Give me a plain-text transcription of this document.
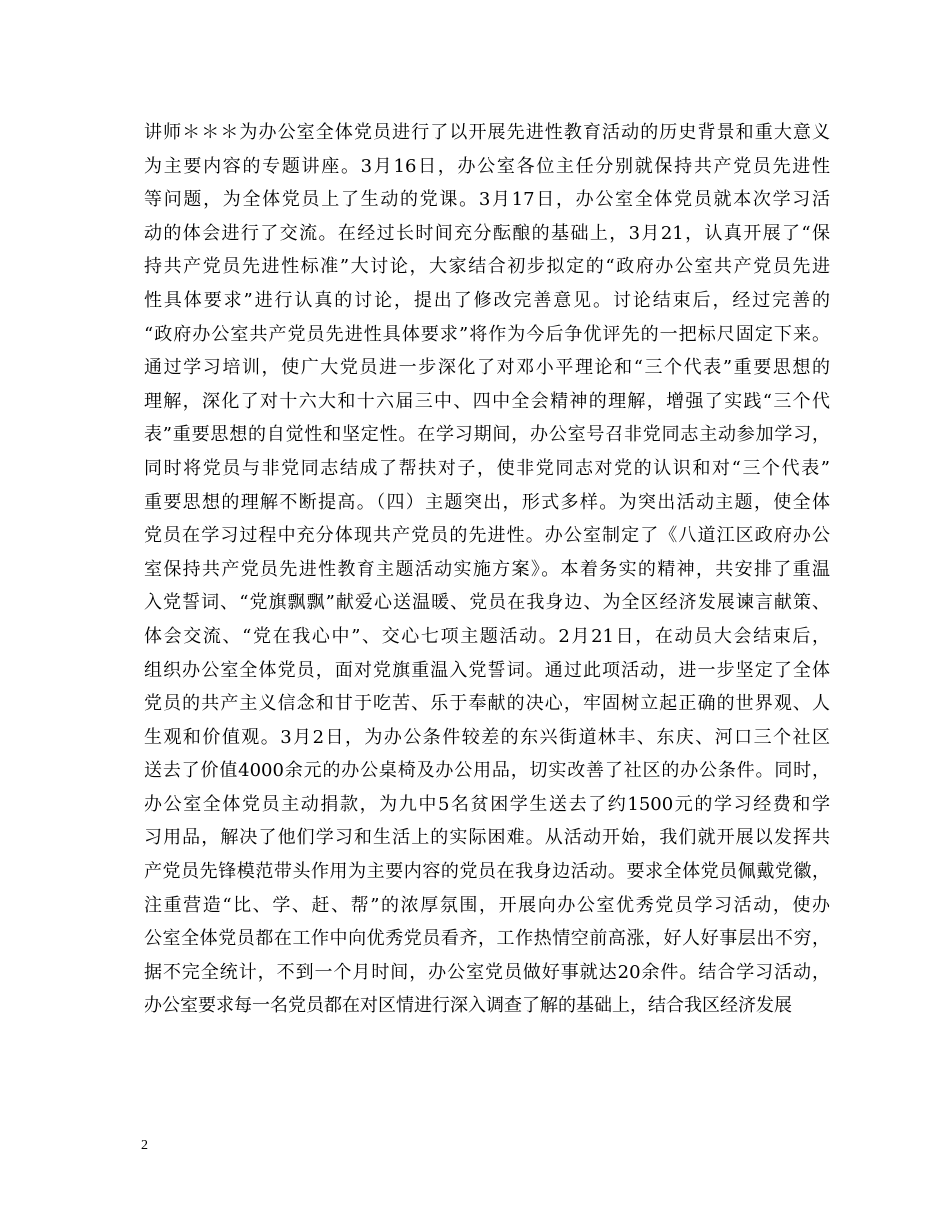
讲师＊＊＊为办公室全体党员进行了以开展先进性教育活动的历史背景和重大意义
为主要内容的专题讲座。3月16日，办公室各位主任分别就保持共产党员先进性
等问题，为全体党员上了生动的党课。3月17日，办公室全体党员就本次学习活
动的体会进行了交流。在经过长时间充分酝酿的基础上，3月21，认真开展了“保
持共产党员先进性标准”大讨论，大家结合初步拟定的“政府办公室共产党员先进
性具体要求”进行认真的讨论，提出了修改完善意见。讨论结束后，经过完善的
“政府办公室共产党员先进性具体要求”将作为今后争优评先的一把标尺固定下来。
通过学习培训，使广大党员进一步深化了对邓小平理论和“三个代表”重要思想的
理解，深化了对十六大和十六届三中、四中全会精神的理解，增强了实践“三个代
表”重要思想的自觉性和坚定性。在学习期间，办公室号召非党同志主动参加学习，
同时将党员与非党同志结成了帮扶对子，使非党同志对党的认识和对“三个代表”
重要思想的理解不断提高。（四）主题突出，形式多样。为突出活动主题，使全体
党员在学习过程中充分体现共产党员的先进性。办公室制定了《八道江区政府办公
室保持共产党员先进性教育主题活动实施方案》。本着务实的精神，共安排了重温
入党誓词、“党旗飘飘”献爱心送温暖、党员在我身边、为全区经济发展谏言献策、
体会交流、“党在我心中”、交心七项主题活动。2月21日，在动员大会结束后，
组织办公室全体党员，面对党旗重温入党誓词。通过此项活动，进一步坚定了全体
党员的共产主义信念和甘于吃苦、乐于奉献的决心，牢固树立起正确的世界观、人
生观和价值观。3月2日，为办公条件较差的东兴街道林丰、东庆、河口三个社区
送去了价值4000余元的办公桌椅及办公用品，切实改善了社区的办公条件。同时，
办公室全体党员主动捐款，为九中5名贫困学生送去了约1500元的学习经费和学
习用品，解决了他们学习和生活上的实际困难。从活动开始，我们就开展以发挥共
产党员先锋模范带头作用为主要内容的党员在我身边活动。要求全体党员佩戴党徽，
注重营造“比、学、赶、帮”的浓厚氛围，开展向办公室优秀党员学习活动，使办
公室全体党员都在工作中向优秀党员看齐，工作热情空前高涨，好人好事层出不穷，
据不完全统计，不到一个月时间，办公室党员做好事就达20余件。结合学习活动，
办公室要求每一名党员都在对区情进行深入调查了解的基础上，结合我区经济发展
2
